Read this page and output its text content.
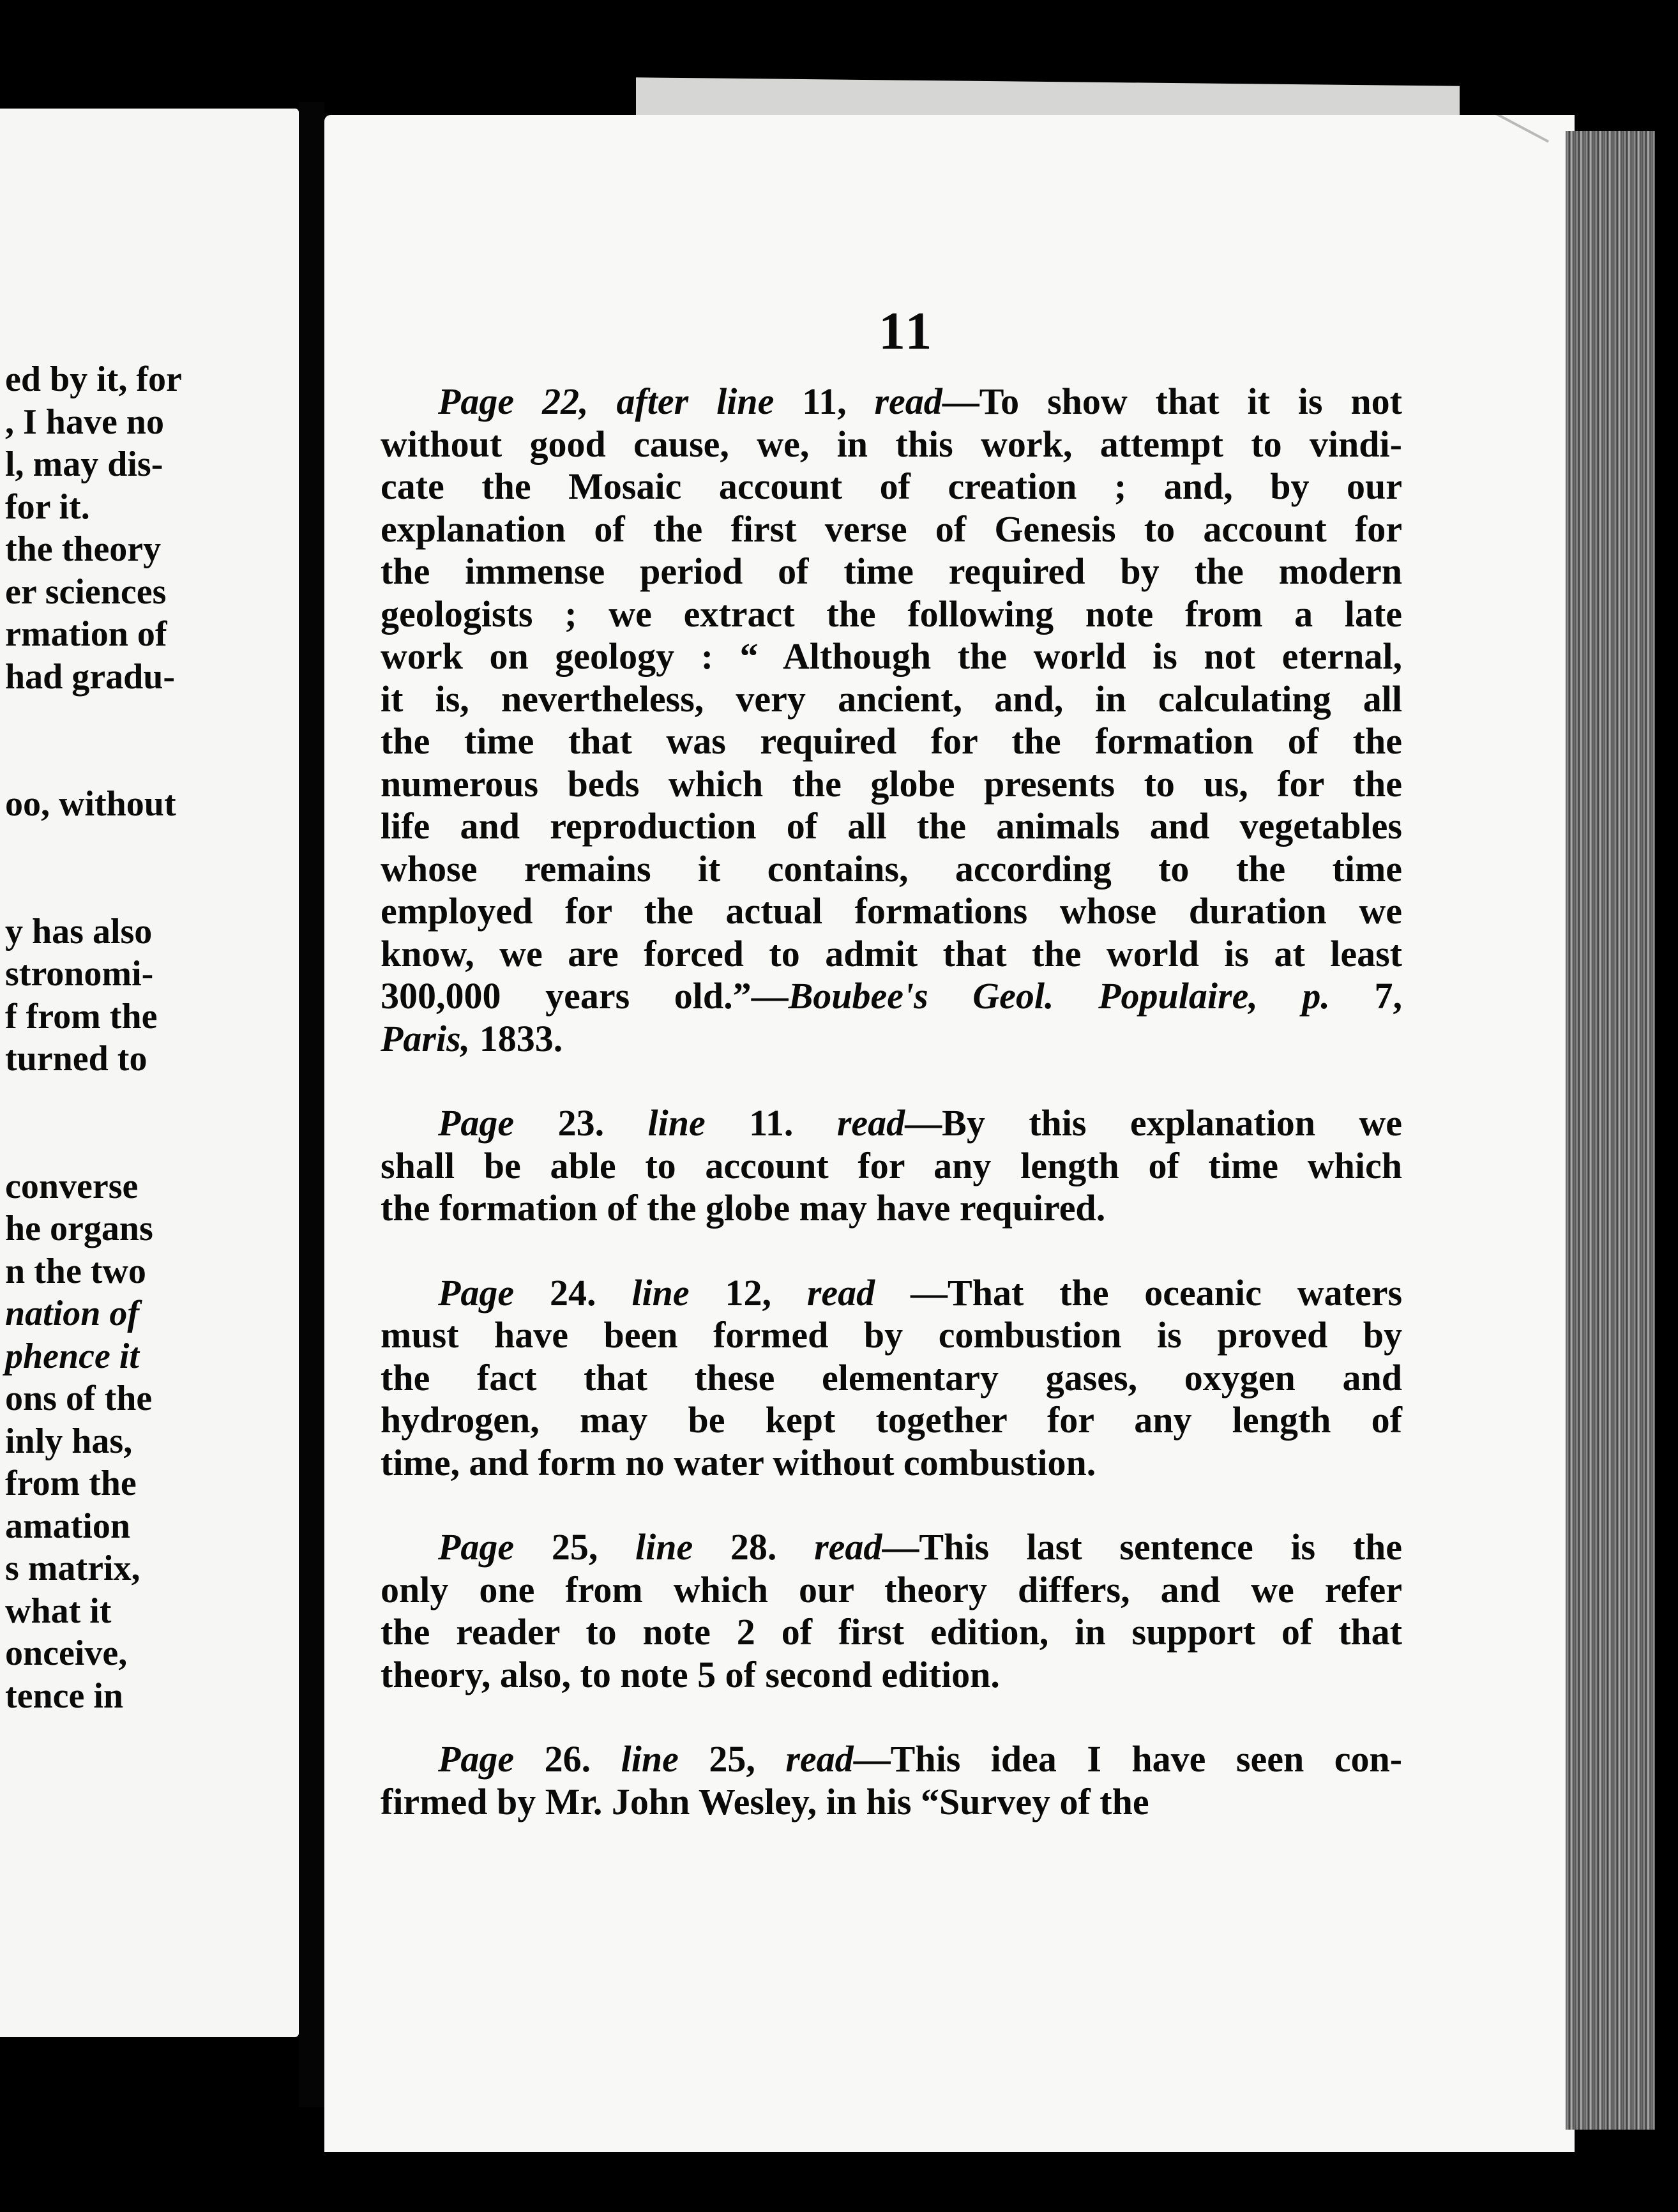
ed by it, for
, I have no
l, may dis-
for it.
the theory
er sciences
rmation of
had gradu-
oo, without
y has also
stronomi-
f from the
turned to
converse
he organs
n the two
nation of
phence it
ons of the
inly has,
from the
amation
s matrix,
what it
onceive,
tence in
11
Page 22, after line 11, read—To show that it is not
without good cause, we, in this work, attempt to vindi-
cate the Mosaic account of creation ; and, by our
explanation of the first verse of Genesis to account for
the immense period of time required by the modern
geologists ; we extract the following note from a late
work on geology : “ Although the world is not eternal,
it is, nevertheless, very ancient, and, in calculating all
the time that was required for the formation of the
numerous beds which the globe presents to us, for the
life and reproduction of all the animals and vegetables
whose remains it contains, according to the time
employed for the actual formations whose duration we
know, we are forced to admit that the world is at least
300,000 years old.”—Boubee's Geol. Populaire, p. 7,
Paris, 1833.
Page 23. line 11. read—By this explanation we
shall be able to account for any length of time which
the formation of the globe may have required.
Page 24. line 12, read —That the oceanic waters
must have been formed by combustion is proved by
the fact that these elementary gases, oxygen and
hydrogen, may be kept together for any length of
time, and form no water without combustion.
Page 25, line 28. read—This last sentence is the
only one from which our theory differs, and we refer
the reader to note 2 of first edition, in support of that
theory, also, to note 5 of second edition.
Page 26. line 25, read—This idea I have seen con-
firmed by Mr. John Wesley, in his “Survey of the
